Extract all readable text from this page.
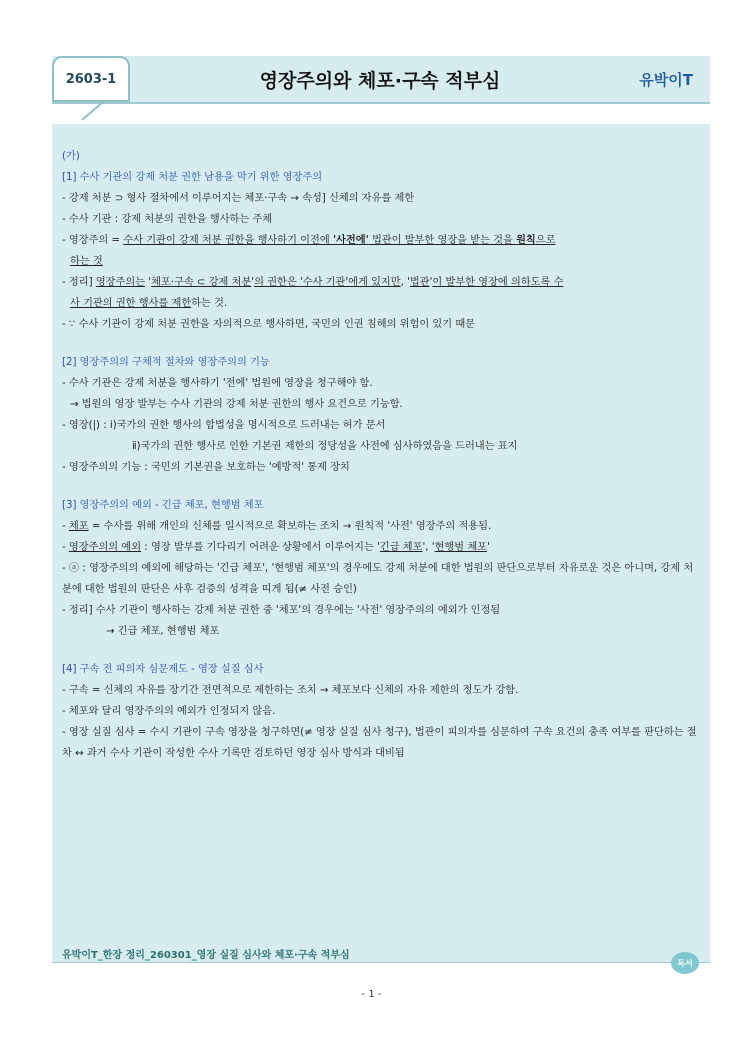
2603-1	영장주의와 체포·구속 적부심	유박이T
(가)
[1] 수사 기관의 강제 처분 권한 남용을 막기 위한 영장주의
- 강제 처분 ⊃ 형사 절차에서 이루어지는 체포·구속 → 속성] 신체의 자유를 제한
- 수사 기관 : 강제 처분의 권한을 행사하는 주체
- 영장주의 = 수사 기관이 강제 처분 권한을 행사하기 이전에 '사전에' 법관이 발부한 영장을 받는 것을 원칙으로
하는 것
- 정리] 영장주의는 '체포·구속 ⊂ 강제 처분'의 권한은 '수사 기관'에게 있지만, '법관'이 발부한 영장에 의하도록 수
사 기관의 권한 행사를 제한하는 것.
- ∵ 수사 기관이 강제 처분 권한을 자의적으로 행사하면, 국민의 인권 침해의 위험이 있기 때문
[2] 영장주의의 구체적 절차와 영장주의의 기능
- 수사 기관은 강제 처분을 행사하기 '전에' 법원에 영장을 청구해야 함.
→ 법원의 영장 발부는 수사 기관의 강제 처분 권한의 행사 요건으로 기능함.
- 영장(|) : ⅰ)국가의 권한 행사의 합법성을 명시적으로 드러내는 허가 문서
ⅱ)국가의 권한 행사로 인한 기본권 제한의 정당성을 사전에 심사하였음을 드러내는 표지
- 영장주의의 기능 : 국민의 기본권을 보호하는 '예방적' 통제 장치
[3] 영장주의의 예외 - 긴급 체포, 현행범 체포
- 체포 = 수사를 위해 개인의 신체를 일시적으로 확보하는 조치 → 원칙적 '사전' 영장주의 적용됨.
- 영장주의의 예외 : 영장 발부를 기다리기 어려운 상황에서 이루어지는 '긴급 체포', '현행범 체포'
- ⓐ : 영장주의의 예외에 해당하는 '긴급 체포', '현행범 체포'의 경우에도 강제 처분에 대한 법원의 판단으로부터 자유로운 것은 아니며, 강제 처분에 대한 법원의 판단은 사후 검증의 성격을 띠게 됨(≠ 사전 승인)
- 정리] 수사 기관이 행사하는 강제 처분 권한 중 '체포'의 경우에는 '사전' 영장주의의 예외가 인정됨
→ 긴급 체포, 현행범 체포
[4] 구속 전 피의자 심문제도 - 영장 실질 심사
- 구속 = 신체의 자유를 장기간 전면적으로 제한하는 조치 → 체포보다 신체의 자유 제한의 정도가 강함.
- 체포와 달리 영장주의의 예외가 인정되지 않음.
- 영장 실질 심사 = 수시 기관이 구속 영장을 청구하면(≠ 영장 실질 심사 청구), 법관이 피의자를 심문하여 구속 요건의 충족 여부를 판단하는 절차 ↔ 과거 수사 기관이 작성한 수사 기록만 검토하던 영장 심사 방식과 대비됨
유박이T_한장 정리_260301_영장 실질 심사와 체포·구속 적부심
독서
- 1 -
